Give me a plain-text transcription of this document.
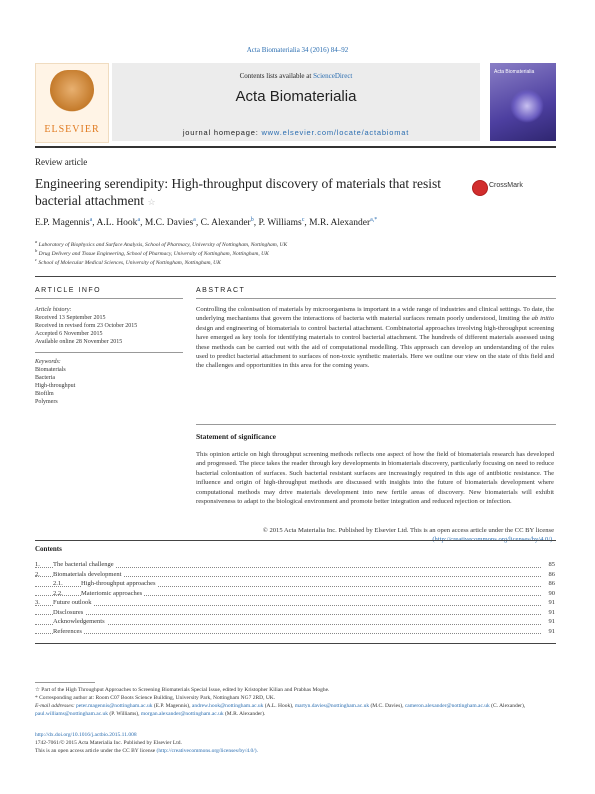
Acta Biomaterialia 34 (2016) 84–92
ELSEVIER
Contents lists available at ScienceDirect
Acta Biomaterialia
journal homepage: www.elsevier.com/locate/actabiomat
Acta Biomaterialia
Review article
Engineering serendipity: High-throughput discovery of materials that resist bacterial attachment ☆
CrossMark
E.P. Magennis$^a$, A.L. Hook$^a$, M.C. Davies$^a$, C. Alexander$^b$, P. Williams$^c$, M.R. Alexander$^{a,*}$
$^a$ Laboratory of Biophysics and Surface Analysis, School of Pharmacy, University of Nottingham, Nottingham, UK
$^b$ Drug Delivery and Tissue Engineering, School of Pharmacy, University of Nottingham, Nottingham, UK
$^c$ School of Molecular Medical Sciences, University of Nottingham, Nottingham, UK
ARTICLE INFO
Article history:
Received 13 September 2015
Received in revised form 23 October 2015
Accepted 6 November 2015
Available online 28 November 2015
Keywords:
Biomaterials
Bacteria
High-throughput
Biofilm
Polymers
ABSTRACT
Controlling the colonisation of materials by microorganisms is important in a wide range of industries and clinical settings. To date, the underlying mechanisms that govern the interactions of bacteria with material surfaces remain poorly understood, limiting the ab initio design and engineering of biomaterials to control bacterial attachment. Combinatorial approaches involving high-throughput screening have emerged as key tools for identifying materials to control bacterial attachment. The hundreds of different materials assessed using these methods can be carried out with the aid of computational modelling. This approach can develop an understanding of the rules used to predict bacterial attachment to surfaces of non-toxic synthetic materials. Here we outline our view on the state of this field and the challenges and opportunities in this area for the coming years.
Statement of significance
This opinion article on high throughput screening methods reflects one aspect of how the field of biomaterials research has developed and progressed. The piece takes the reader through key developments in biomaterials discovery, particularly focusing on need to reduce bacterial colonisation of surfaces. Such bacterial resistant surfaces are increasingly required in this age of antibiotic resistance. The influence and origin of high-throughput methods are discussed with insights into the future of biomaterials development where computational methods may drive materials development into new fertile areas of discovery. New biomaterials will exhibit responsiveness to adapt to the biological environment and promote better integration and reduced rejection or infection.
© 2015 Acta Materialia Inc. Published by Elsevier Ltd. This is an open access article under the CC BY license
(http://creativecommons.org/licenses/by/4.0/).
Contents
1. The bacterial challenge	85
2. Biomaterials development	86
2.1.	High-throughput approaches	86
2.2.	Materiomic approaches	90
3. Future outlook	91
Disclosures	91
Acknowledgements	91
References	91
☆ Part of the High Throughput Approaches to Screening Biomaterials Special Issue, edited by Kristopher Kilian and Prabhas Moghe.
* Corresponding author at: Room C07 Boots Science Building, University Park, Nottingham NG7 2RD, UK.
E-mail addresses: peter.magennis@nottingham.ac.uk (E.P. Magennis), andrew.hook@nottingham.ac.uk (A.L. Hook), martyn.davies@nottingham.ac.uk (M.C. Davies), cameron.alexander@nottingham.ac.uk (C. Alexander), paul.williams@nottingham.ac.uk (P. Williams), morgan.alexander@nottingham.ac.uk (M.R. Alexander).
http://dx.doi.org/10.1016/j.actbio.2015.11.008
1742-7061/© 2015 Acta Materialia Inc. Published by Elsevier Ltd.
This is an open access article under the CC BY license (http://creativecommons.org/licenses/by/4.0/).
